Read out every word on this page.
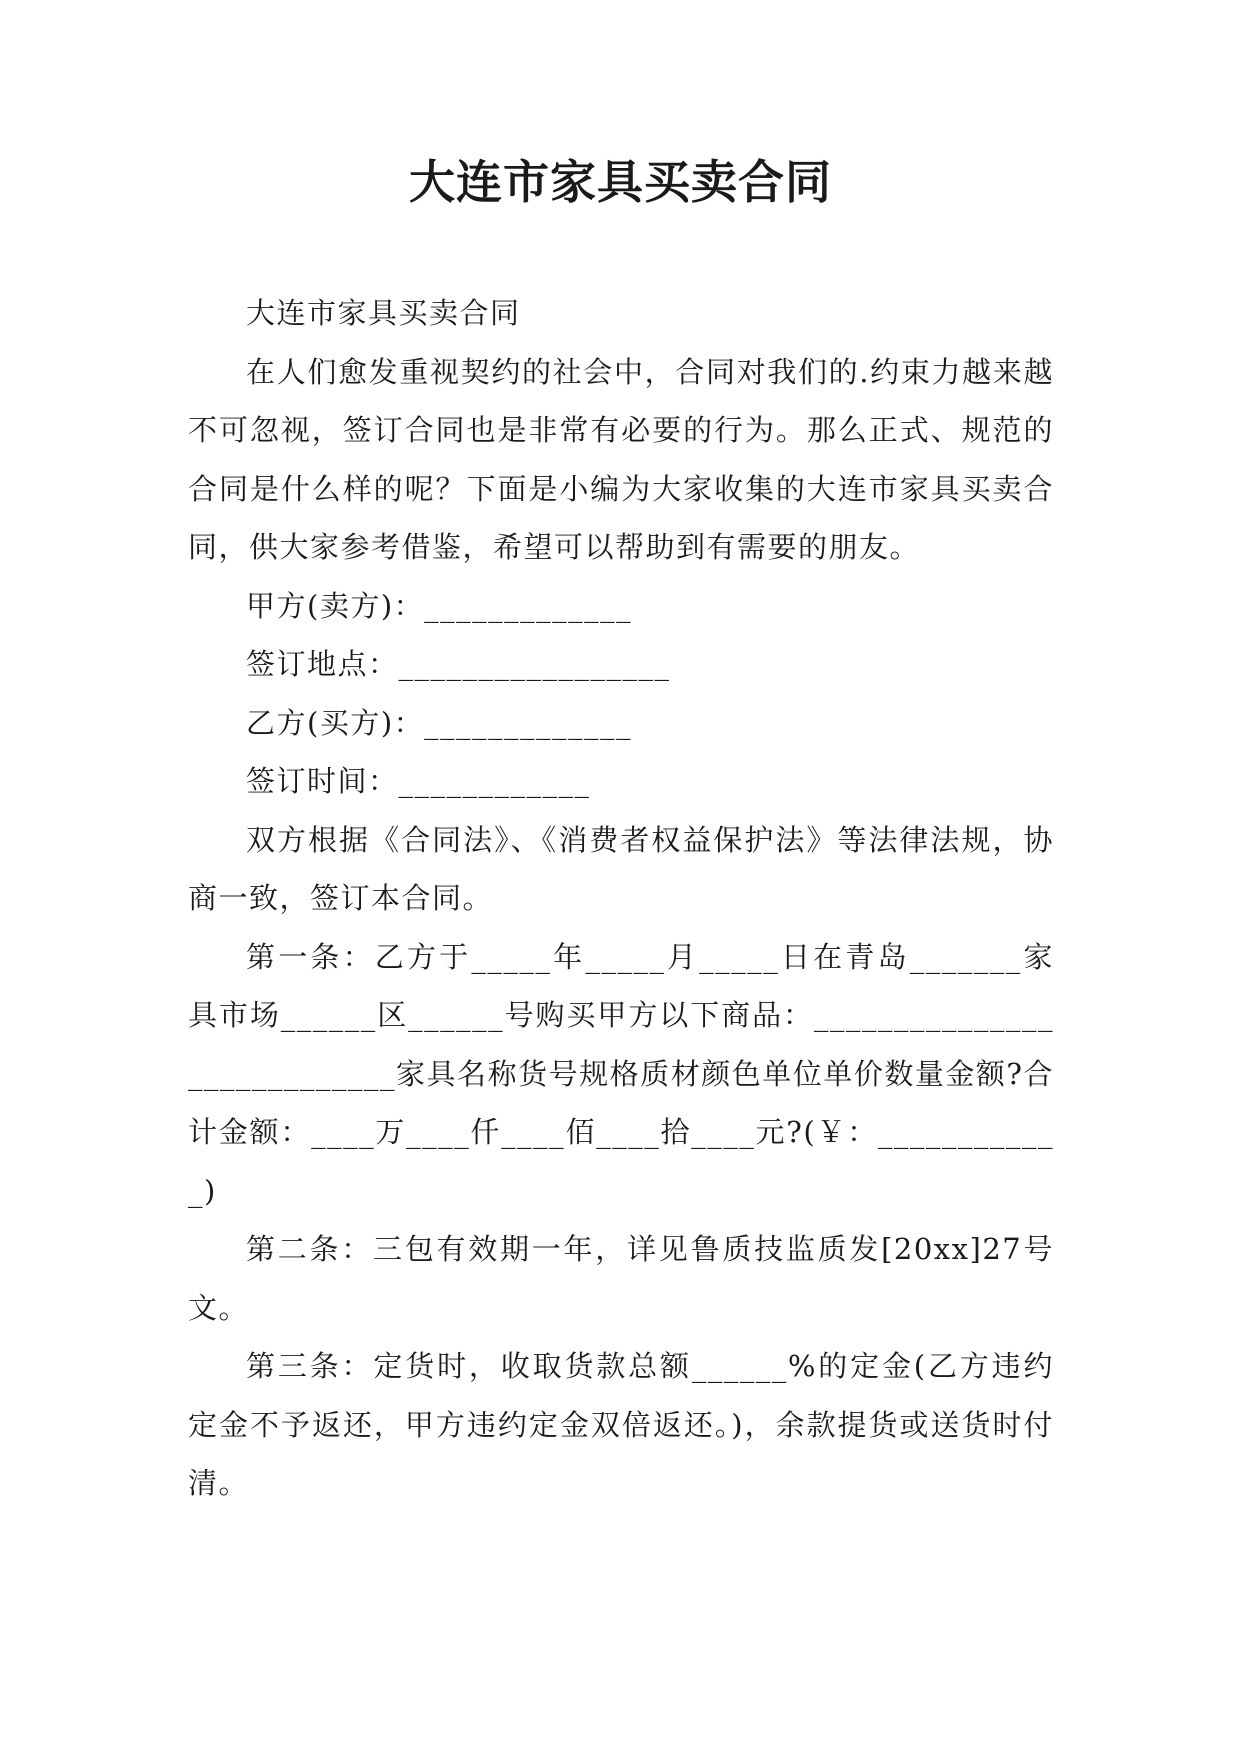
大连市家具买卖合同

大连市家具买卖合同

在人们愈发重视契约的社会中，合同对我们的.约束力越来越不可忽视，签订合同也是非常有必要的行为。那么正式、规范的合同是什么样的呢？下面是小编为大家收集的大连市家具买卖合同，供大家参考借鉴，希望可以帮助到有需要的朋友。

甲方(卖方)：_____________

签订地点：_________________

乙方(买方)：_____________

签订时间：____________

双方根据《合同法》、《消费者权益保护法》等法律法规，协商一致，签订本合同。

第一条：乙方于_____年_____月_____日在青岛_______家具市场______区______号购买甲方以下商品：____________________________家具名称货号规格质材颜色单位单价数量金额?合计金额：____万____仟____佰____拾____元?(￥：____________)

第二条：三包有效期一年，详见鲁质技监质发[20xx]27号文。

第三条：定货时，收取货款总额______%的定金(乙方违约定金不予返还，甲方违约定金双倍返还。)，余款提货或送货时付清。
